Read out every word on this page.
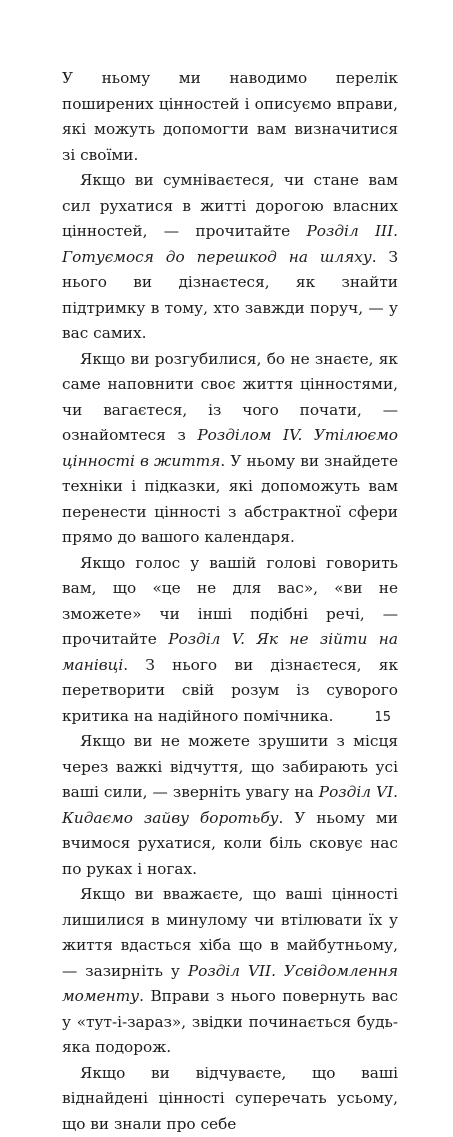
У ньому ми наводимо перелік поширених цінностей і описуємо вправи, які можуть допомогти вам визначитися зі своїми.

Якщо ви сумніваєтеся, чи стане вам сил рухатися в житті дорогою власних цінностей, — прочитайте Розділ III. Готуємося до перешкод на шляху. З нього ви дізнаєтеся, як знайти підтримку в тому, хто завжди поруч, — у вас самих.

Якщо ви розгубилися, бо не знаєте, як саме наповнити своє життя цінностями, чи вагаєтеся, із чого почати, — ознайомтеся з Розділом IV. Утілюємо цінності в життя. У ньому ви знайдете техніки і підказки, які допоможуть вам перенести цінності з абстрактної сфери прямо до вашого календаря.

Якщо голос у вашій голові говорить вам, що «це не для вас», «ви не зможете» чи інші подібні речі, — прочитайте Розділ V. Як не зійти на манівці. З нього ви дізнаєтеся, як перетворити свій розум із суворого критика на надійного помічника.

Якщо ви не можете зрушити з місця через важкі відчуття, що забирають усі ваші сили, — зверніть увагу на Розділ VI. Кидаємо зайву боротьбу. У ньому ми вчимося рухатися, коли біль сковує нас по руках і ногах.

Якщо ви вважаєте, що ваші цінності лишилися в минулому чи втілювати їх у життя вдасться хіба що в майбутньому, — зазирніть у Розділ VII. Усвідомлення моменту. Вправи з нього повернуть вас у «тут-і-зараз», звідки починається будь-яка подорож.

Якщо ви відчуваєте, що ваші віднайдені цінності суперечать усьому, що ви знали про себе

15
